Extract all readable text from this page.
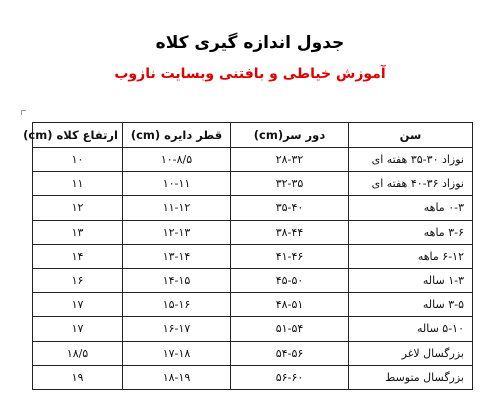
جدول اندازه گیری کلاه
آموزش خیاطی و بافتنی وبسایت نازوب
سن	دور سر(cm)	قطر دایره (cm)	ارتفاع کلاه (cm)
نوزاد ۳۰-۳۵ هفته ای	۲۸-۳۲	۱۰-۸/۵	۱۰
نوزاد ۳۶-۴۰ هفته ای	۳۲-۳۵	۱۰-۱۱	۱۱
۰-۳ ماهه	۳۵-۴۰	۱۱-۱۲	۱۲
۳-۶ ماهه	۳۸-۴۴	۱۲-۱۳	۱۳
۶-۱۲ ماهه	۴۱-۴۶	۱۳-۱۴	۱۴
۱-۳ ساله	۴۵-۵۰	۱۴-۱۵	۱۶
۳-۵ ساله	۴۸-۵۱	۱۵-۱۶	۱۷
۵-۱۰ ساله	۵۱-۵۴	۱۶-۱۷	۱۷
بزرگسال لاغر	۵۴-۵۶	۱۷-۱۸	۱۸/۵
بزرگسال متوسط	۵۶-۶۰	۱۸-۱۹	۱۹
